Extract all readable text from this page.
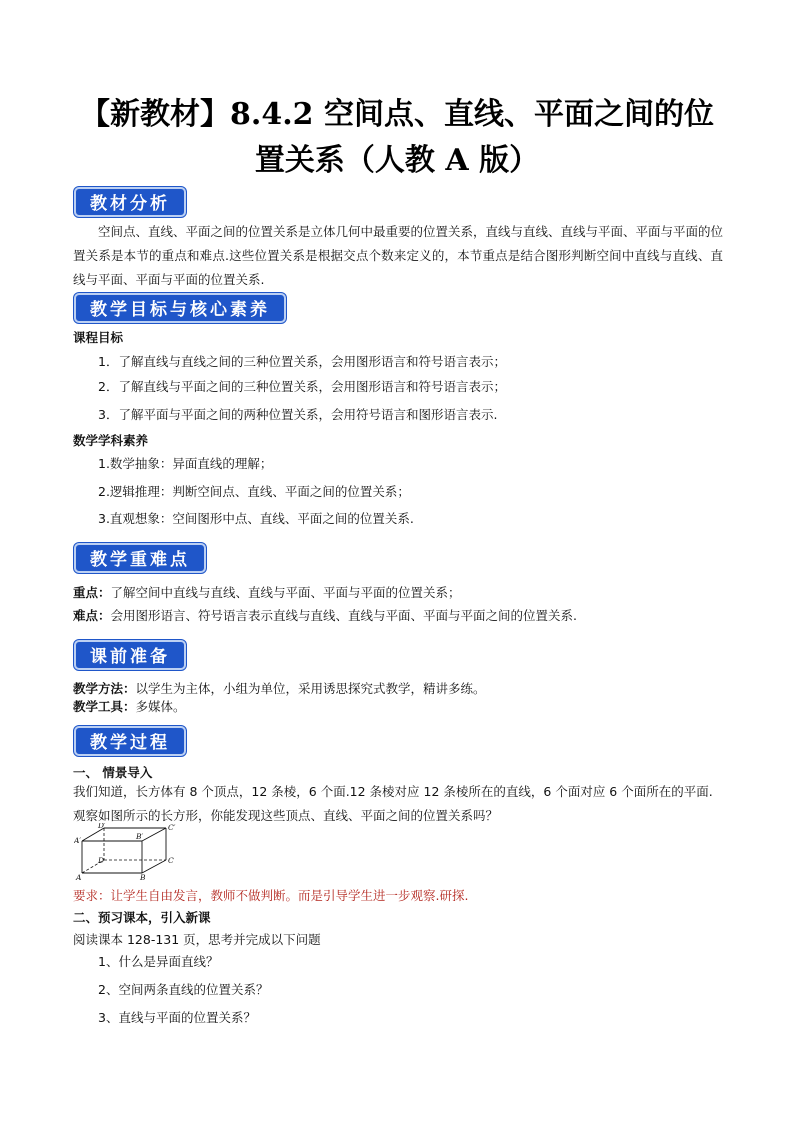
【新教材】8.4.2 空间点、直线、平面之间的位
置关系（人教 A 版）
教材分析
空间点、直线、平面之间的位置关系是立体几何中最重要的位置关系，直线与直线、直线与平面、平面与平面的位置关系是本节的重点和难点.这些位置关系是根据交点个数来定义的，本节重点是结合图形判断空间中直线与直线、直线与平面、平面与平面的位置关系.
教学目标与核心素养
课程目标
1．了解直线与直线之间的三种位置关系，会用图形语言和符号语言表示；
2．了解直线与平面之间的三种位置关系，会用图形语言和符号语言表示；
3．了解平面与平面之间的两种位置关系，会用符号语言和图形语言表示.
数学学科素养
1.数学抽象：异面直线的理解；
2.逻辑推理：判断空间点、直线、平面之间的位置关系；
3.直观想象：空间图形中点、直线、平面之间的位置关系.
教学重难点
重点：了解空间中直线与直线、直线与平面、平面与平面的位置关系；
难点：会用图形语言、符号语言表示直线与直线、直线与平面、平面与平面之间的位置关系.
课前准备
教学方法：以学生为主体，小组为单位，采用诱思探究式教学，精讲多练。
教学工具：多媒体。
教学过程
一、 情景导入
我们知道，长方体有 8 个顶点，12 条棱，6 个面.12 条棱对应 12 条棱所在的直线，6 个面对应 6 个面所在的平面.观察如图所示的长方形，你能发现这些顶点、直线、平面之间的位置关系吗？
D′	C′
A′	B′
D	C
A	B
要求：让学生自由发言，教师不做判断。而是引导学生进一步观察.研探.
二、预习课本，引入新课
阅读课本 128-131 页，思考并完成以下问题
1、什么是异面直线？
2、空间两条直线的位置关系？
3、直线与平面的位置关系？
